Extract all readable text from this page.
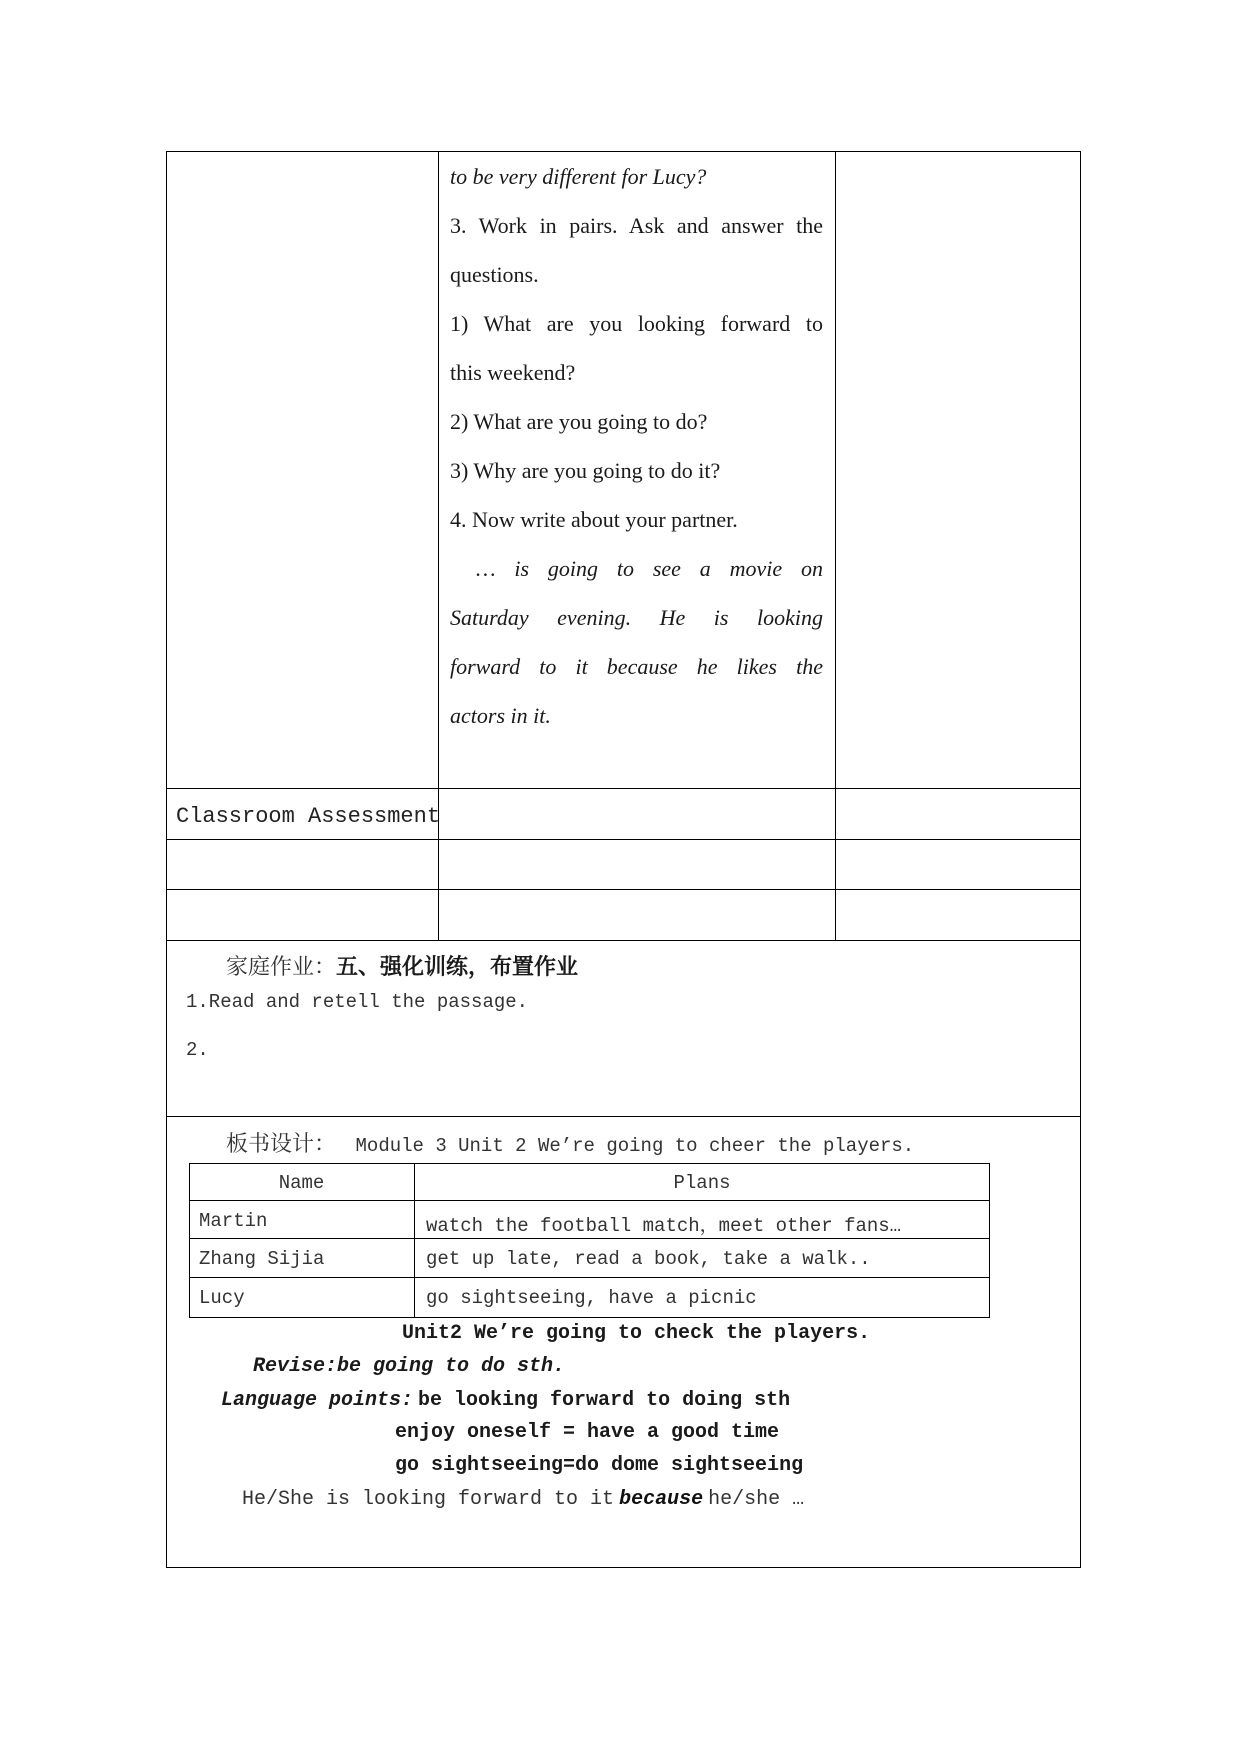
to be very different for Lucy?
3. Work in pairs. Ask and answer the
questions.
1) What are you looking forward to
this weekend?
2) What are you going to do?
3) Why are you going to do it?
4. Now write about your partner.
… is going to see a movie on
Saturday evening. He is looking
forward to it because he likes the
actors in it.
Classroom Assessment
家庭作业：五、强化训练，布置作业
1.Read and retell the passage.
2.
板书设计： Module 3 Unit 2 We’re going to cheer the players.
Name	Plans
Martin	watch the football match，meet other fans…
Zhang Sijia	get up late, read a book, take a walk..
Lucy	go sightseeing, have a picnic
Unit2 We’re going to check the players.
Revise:be going to do sth.
Language points: be looking forward to doing sth
enjoy oneself = have a good time
go sightseeing=do dome sightseeing
He/She is looking forward to it because he/she …
